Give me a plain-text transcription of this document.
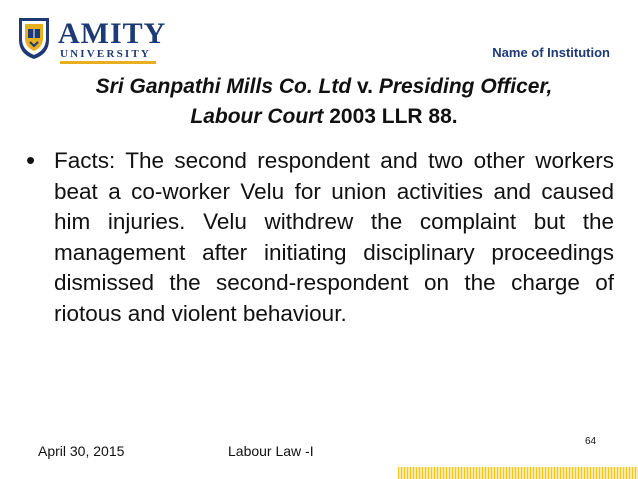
AMITY
UNIVERSITY	Name of Institution
Sri Ganpathi Mills Co. Ltd v. Presiding Officer,
Labour Court 2003 LLR 88.
• Facts: The second respondent and two other workers beat a co-worker Velu for union activities and caused him injuries. Velu withdrew the complaint but the management after initiating disciplinary proceedings dismissed the second-respondent on the charge of riotous and violent behaviour.
April 30, 2015	Labour Law -I
64
